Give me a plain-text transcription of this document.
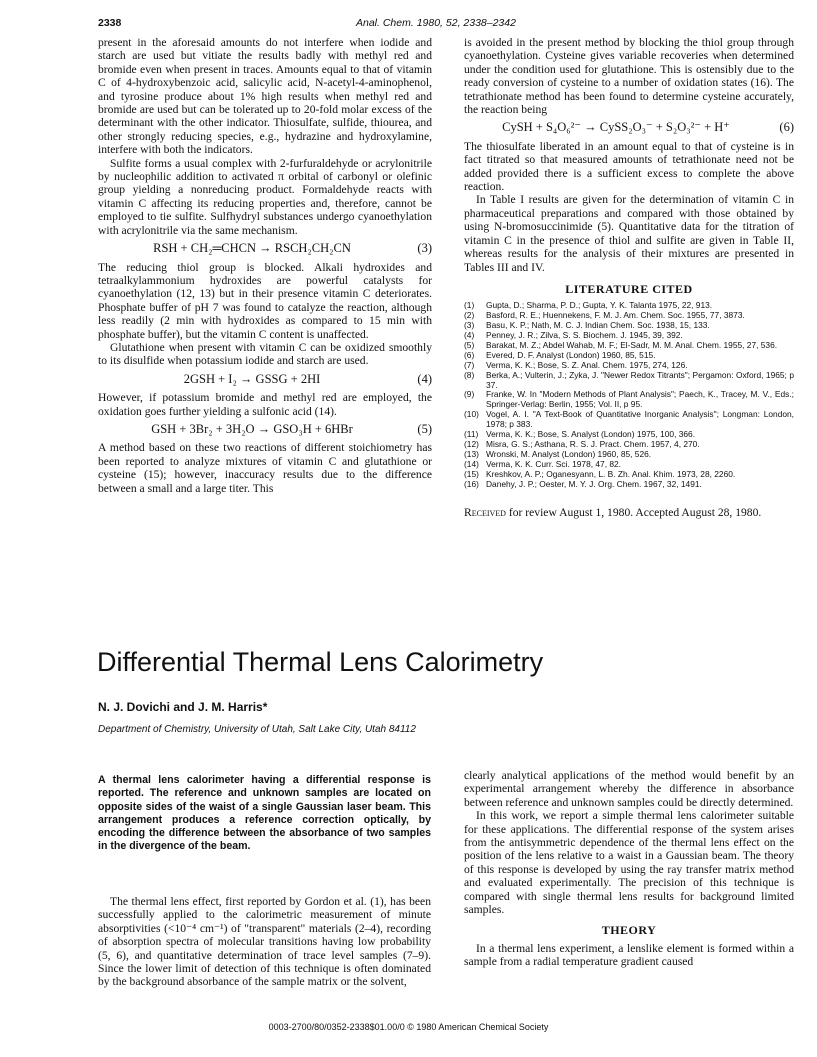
2338	Anal. Chem. 1980, 52, 2338–2342

present in the aforesaid amounts do not interfere when iodide and starch are used but vitiate the results badly with methyl red and bromide even when present in traces. Amounts equal to that of vitamin C of 4-hydroxybenzoic acid, salicylic acid, N-acetyl-4-aminophenol, and tyrosine produce about 1% high results when methyl red and bromide are used but can be tolerated up to 20-fold molar excess of the determinant with the other indicator. Thiosulfate, sulfide, thiourea, and other strongly reducing species, e.g., hydrazine and hydroxylamine, interfere with both the indicators.

Sulfite forms a usual complex with 2-furfuraldehyde or acrylonitrile by nucleophilic addition to activated π orbital of carbonyl or olefinic group yielding a nonreducing product. Formaldehyde reacts with vitamin C affecting its reducing properties and, therefore, cannot be employed to tie sulfite. Sulfhydryl substances undergo cyanoethylation with acrylonitrile via the same mechanism.

RSH + CH₂═CHCN → RSCH₂CH₂CN	(3)

The reducing thiol group is blocked. Alkali hydroxides and tetraalkylammonium hydroxides are powerful catalysts for cyanoethylation (12, 13) but in their presence vitamin C deteriorates. Phosphate buffer of pH 7 was found to catalyze the reaction, although less readily (2 min with hydroxides as compared to 15 min with phosphate buffer), but the vitamin C content is unaffected.

Glutathione when present with vitamin C can be oxidized smoothly to its disulfide when potassium iodide and starch are used.

2GSH + I₂ → GSSG + 2HI	(4)

However, if potassium bromide and methyl red are employed, the oxidation goes further yielding a sulfonic acid (14).

GSH + 3Br₂ + 3H₂O → GSO₃H + 6HBr	(5)

A method based on these two reactions of different stoichiometry has been reported to analyze mixtures of vitamin C and glutathione or cysteine (15); however, inaccuracy results due to the difference between a small and a large titer. This

is avoided in the present method by blocking the thiol group through cyanoethylation. Cysteine gives variable recoveries when determined under the condition used for glutathione. This is ostensibly due to the ready conversion of cysteine to a number of oxidation states (16). The tetrathionate method has been found to determine cysteine accurately, the reaction being

CySH + S₄O₆²⁻ → CySS₂O₃⁻ + S₂O₃²⁻ + H⁺	(6)

The thiosulfate liberated in an amount equal to that of cysteine is in fact titrated so that measured amounts of tetrathionate need not be added provided there is a sufficient excess to complete the above reaction.

In Table I results are given for the determination of vitamin C in pharmaceutical preparations and compared with those obtained by using N-bromosuccinimide (5). Quantitative data for the titration of vitamin C in the presence of thiol and sulfite are given in Table II, whereas results for the analysis of their mixtures are presented in Tables III and IV.

LITERATURE CITED
(1)	Gupta, D.; Sharma, P. D.; Gupta, Y. K. Talanta 1975, 22, 913.
(2)	Basford, R. E.; Huennekens, F. M. J. Am. Chem. Soc. 1955, 77, 3873.
(3)	Basu, K. P.; Nath, M. C. J. Indian Chem. Soc. 1938, 15, 133.
(4)	Penney, J. R.; Zilva, S. S. Biochem. J. 1945, 39, 392.
(5)	Barakat, M. Z.; Abdel Wahab, M. F.; El-Sadr, M. M. Anal. Chem. 1955, 27, 536.
(6)	Evered, D. F. Analyst (London) 1960, 85, 515.
(7)	Verma, K. K.; Bose, S. Z. Anal. Chem. 1975, 274, 126.
(8)	Berka, A.; Vulterin, J.; Zyka, J. "Newer Redox Titrants"; Pergamon: Oxford, 1965; p 37.
(9)	Franke, W. In "Modern Methods of Plant Analysis"; Paech, K., Tracey, M. V., Eds.; Springer-Verlag: Berlin, 1955; Vol. II, p 95.
(10) Vogel, A. I. "A Text-Book of Quantitative Inorganic Analysis"; Longman: London, 1978; p 383.
(11) Verma, K. K.; Bose, S. Analyst (London) 1975, 100, 366.
(12) Misra, G. S.; Asthana, R. S. J. Pract. Chem. 1957, 4, 270.
(13) Wronski, M. Analyst (London) 1960, 85, 526.
(14) Verma, K. K. Curr. Sci. 1978, 47, 82.
(15) Kreshkov, A. P.; Oganesyann, L. B. Zh. Anal. Khim. 1973, 28, 2260.
(16) Danehy, J. P.; Oester, M. Y. J. Org. Chem. 1967, 32, 1491.

Received for review August 1, 1980. Accepted August 28, 1980.

Differential Thermal Lens Calorimetry
N. J. Dovichi and J. M. Harris*
Department of Chemistry, University of Utah, Salt Lake City, Utah 84112
A thermal lens calorimeter having a differential response is reported. The reference and unknown samples are located on opposite sides of the waist of a single Gaussian laser beam. This arrangement produces a reference correction optically, by encoding the difference between the absorbance of two samples in the divergence of the beam.

The thermal lens effect, first reported by Gordon et al. (1), has been successfully applied to the calorimetric measurement of minute absorptivities (<10⁻⁴ cm⁻¹) of "transparent" materials (2–4), recording of absorption spectra of molecular transitions having low probability (5, 6), and quantitative determination of trace level samples (7–9). Since the lower limit of detection of this technique is often dominated by the background absorbance of the sample matrix or the solvent,

clearly analytical applications of the method would benefit by an experimental arrangement whereby the difference in absorbance between reference and unknown samples could be directly determined.

In this work, we report a simple thermal lens calorimeter suitable for these applications. The differential response of the system arises from the antisymmetric dependence of the thermal lens effect on the position of the lens relative to a waist in a Gaussian beam. The theory of this response is developed by using the ray transfer matrix method and evaluated experimentally. The precision of this technique is compared with single thermal lens results for background limited samples.

THEORY

In a thermal lens experiment, a lenslike element is formed within a sample from a radial temperature gradient caused

0003-2700/80/0352-2338$01.00/0 © 1980 American Chemical Society
